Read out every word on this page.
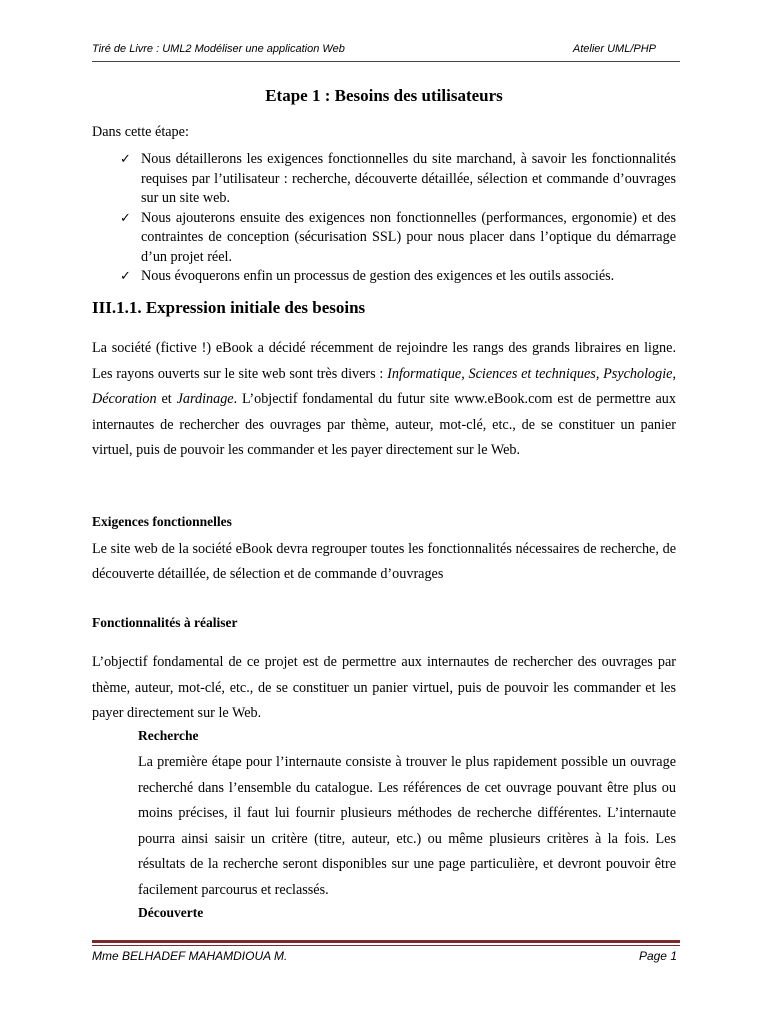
Tiré de Livre : UML2 Modéliser une application Web	Atelier UML/PHP
Etape 1 : Besoins des utilisateurs
Dans cette étape:
✓ Nous détaillerons les exigences fonctionnelles du site marchand, à savoir les fonctionnalités requises par l’utilisateur : recherche, découverte détaillée, sélection et commande d’ouvrages sur un site web.
✓ Nous ajouterons ensuite des exigences non fonctionnelles (performances, ergonomie) et des contraintes de conception (sécurisation SSL) pour nous placer dans l’optique du démarrage d’un projet réel.
✓ Nous évoquerons enfin un processus de gestion des exigences et les outils associés.
III.1.1. Expression initiale des besoins
La société (fictive !) eBook a décidé récemment de rejoindre les rangs des grands libraires en ligne. Les rayons ouverts sur le site web sont très divers : Informatique, Sciences et techniques, Psychologie, Décoration et Jardinage. L’objectif fondamental du futur site www.eBook.com est de permettre aux internautes de rechercher des ouvrages par thème, auteur, mot-clé, etc., de se constituer un panier virtuel, puis de pouvoir les commander et les payer directement sur le Web.
Exigences fonctionnelles
Le site web de la société eBook devra regrouper toutes les fonctionnalités nécessaires de recherche, de découverte détaillée, de sélection et de commande d’ouvrages
Fonctionnalités à réaliser
L’objectif fondamental de ce projet est de permettre aux internautes de rechercher des ouvrages par thème, auteur, mot-clé, etc., de se constituer un panier virtuel, puis de pouvoir les commander et les payer directement sur le Web.
Recherche
La première étape pour l’internaute consiste à trouver le plus rapidement possible un ouvrage recherché dans l’ensemble du catalogue. Les références de cet ouvrage pouvant être plus ou moins précises, il faut lui fournir plusieurs méthodes de recherche différentes. L’internaute pourra ainsi saisir un critère (titre, auteur, etc.) ou même plusieurs critères à la fois. Les résultats de la recherche seront disponibles sur une page particulière, et devront pouvoir être facilement parcourus et reclassés.
Découverte
Mme BELHADEF MAHAMDIOUA M.	Page 1
